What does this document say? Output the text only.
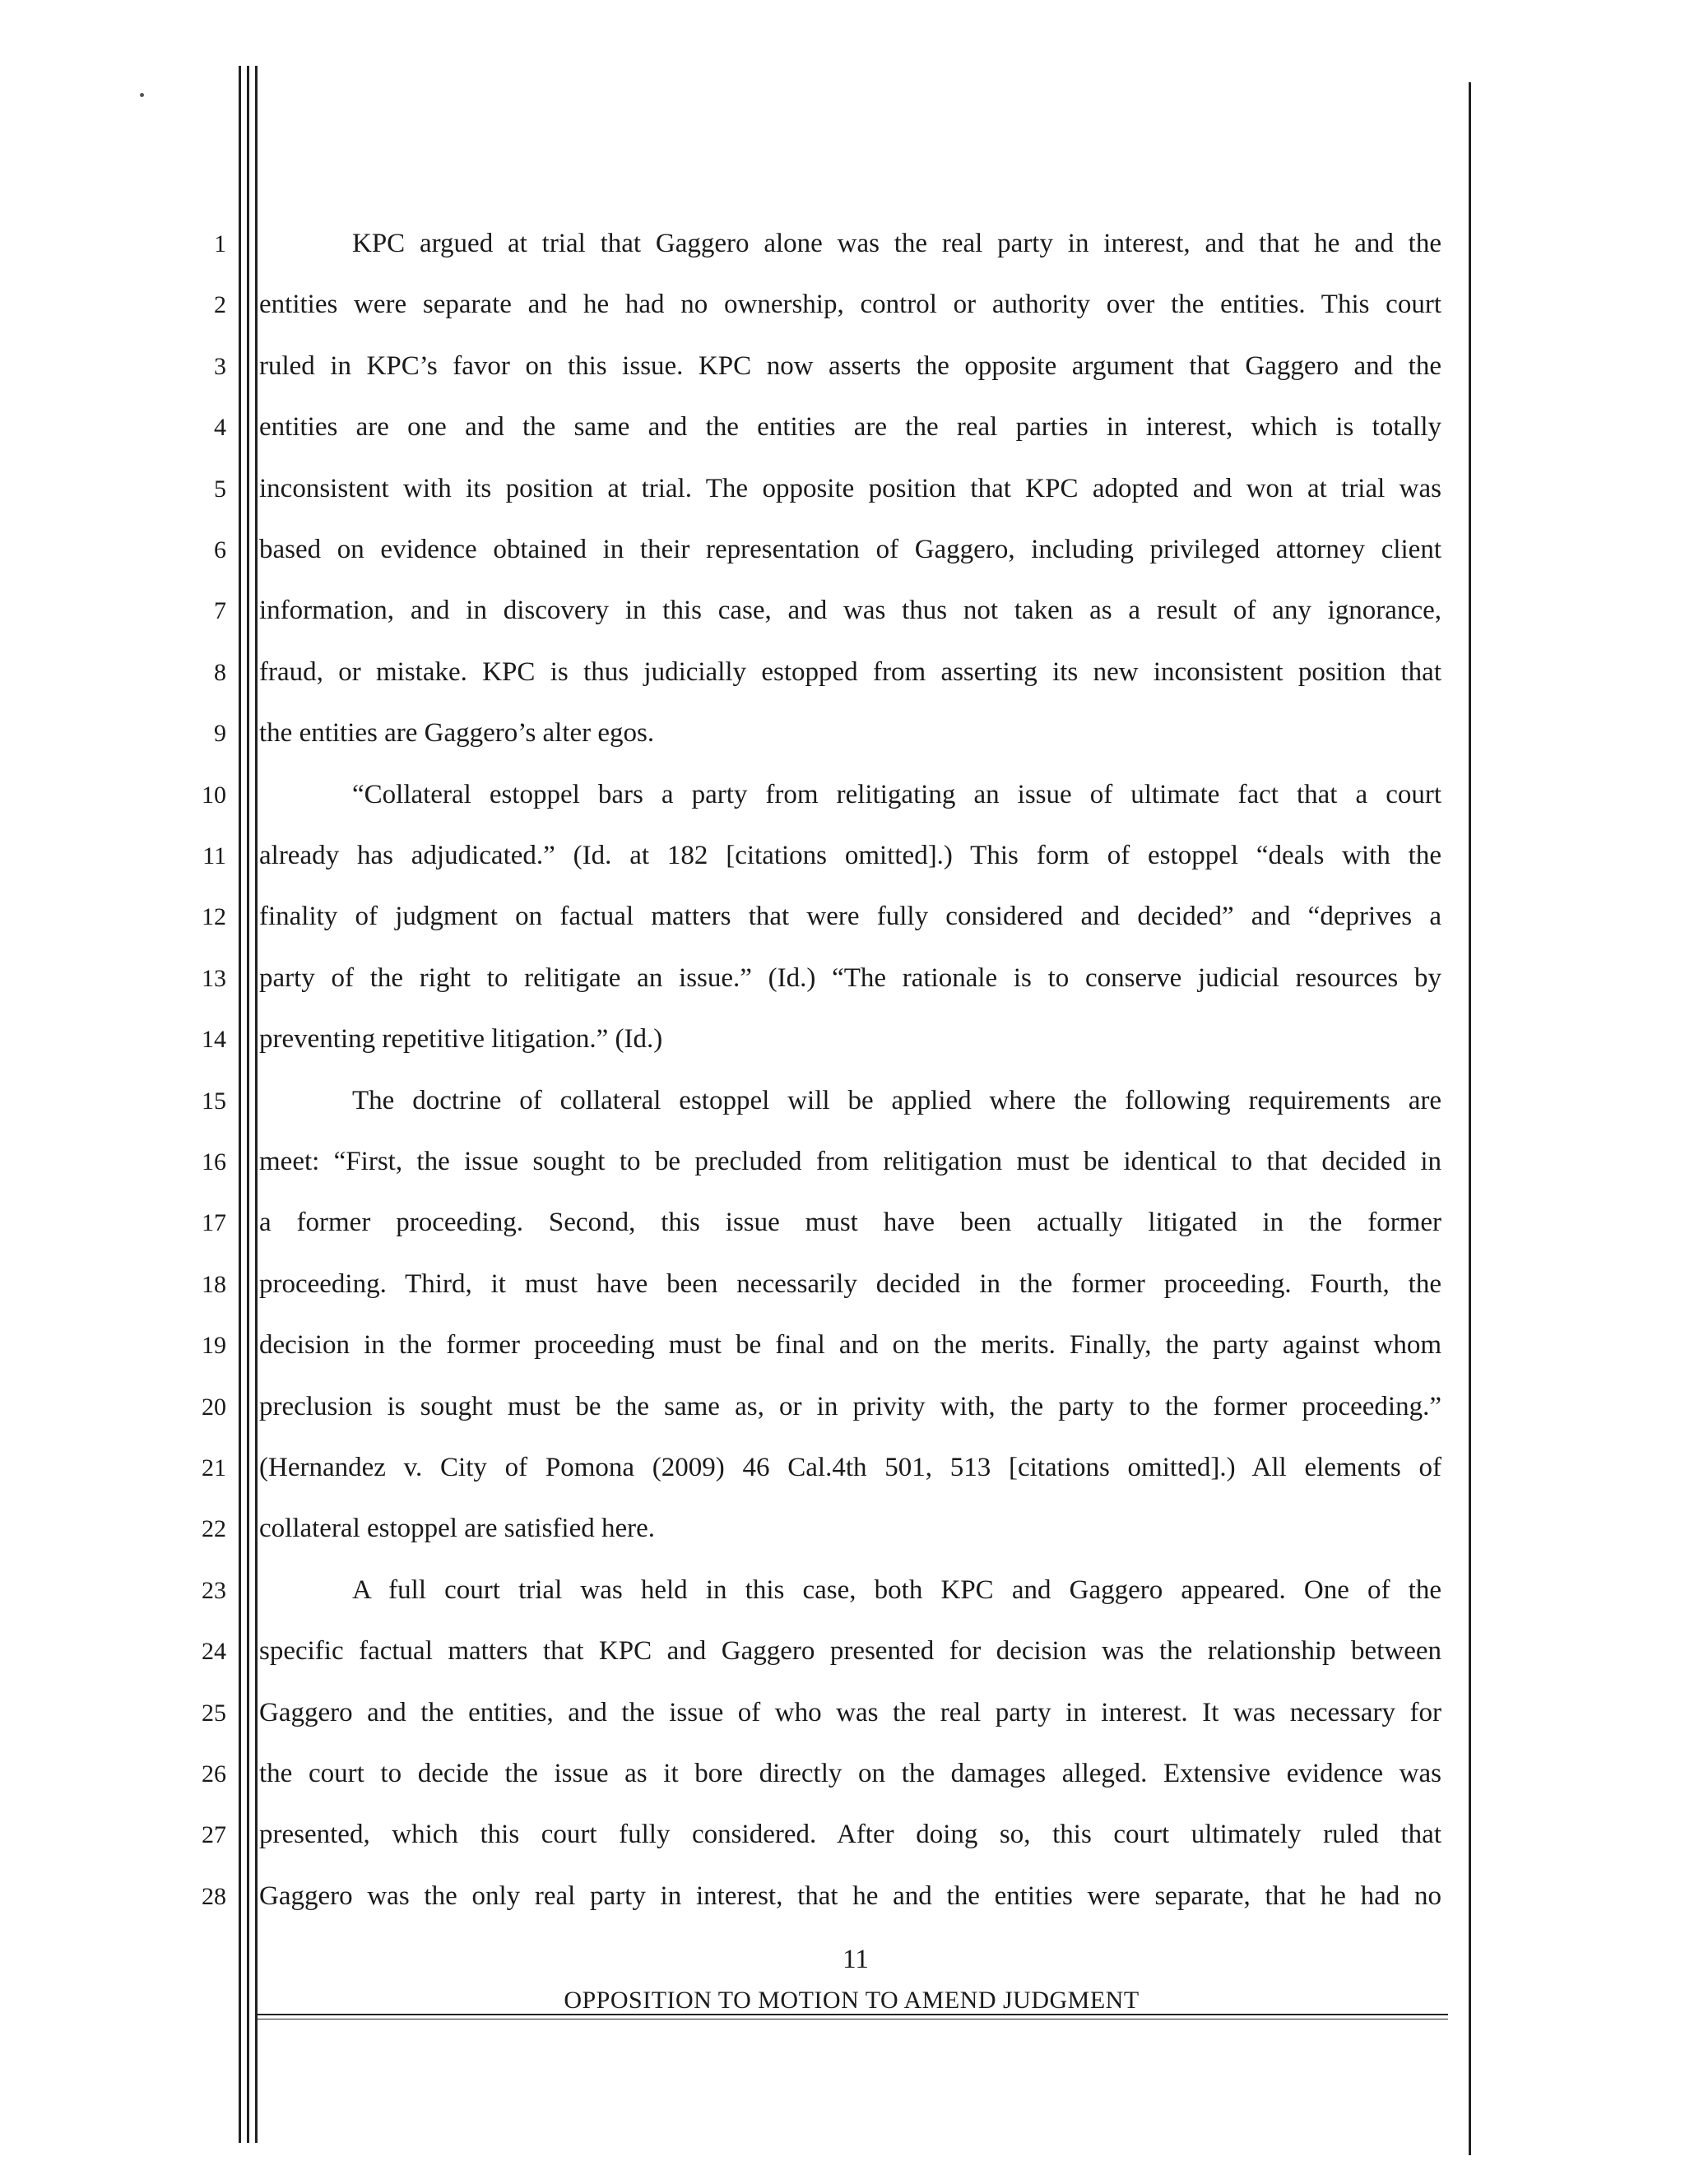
1	KPC argued at trial that Gaggero alone was the real party in interest, and that he and the
2 entities were separate and he had no ownership, control or authority over the entities. This court
3 ruled in KPC’s favor on this issue. KPC now asserts the opposite argument that Gaggero and the
4 entities are one and the same and the entities are the real parties in interest, which is totally
5 inconsistent with its position at trial. The opposite position that KPC adopted and won at trial was
6 based on evidence obtained in their representation of Gaggero, including privileged attorney client
7 information, and in discovery in this case, and was thus not taken as a result of any ignorance,
8 fraud, or mistake. KPC is thus judicially estopped from asserting its new inconsistent position that
9 the entities are Gaggero’s alter egos.
10	“Collateral estoppel bars a party from relitigating an issue of ultimate fact that a court
11 already has adjudicated.” (Id. at 182 [citations omitted].) This form of estoppel “deals with the
12 finality of judgment on factual matters that were fully considered and decided” and “deprives a
13 party of the right to relitigate an issue.” (Id.) “The rationale is to conserve judicial resources by
14 preventing repetitive litigation.” (Id.)
15	The doctrine of collateral estoppel will be applied where the following requirements are
16 meet: “First, the issue sought to be precluded from relitigation must be identical to that decided in
17 a former proceeding. Second, this issue must have been actually litigated in the former
18 proceeding. Third, it must have been necessarily decided in the former proceeding. Fourth, the
19 decision in the former proceeding must be final and on the merits. Finally, the party against whom
20 preclusion is sought must be the same as, or in privity with, the party to the former proceeding.”
21 (Hernandez v. City of Pomona (2009) 46 Cal.4th 501, 513 [citations omitted].) All elements of
22 collateral estoppel are satisfied here.
23	A full court trial was held in this case, both KPC and Gaggero appeared. One of the
24 specific factual matters that KPC and Gaggero presented for decision was the relationship between
25 Gaggero and the entities, and the issue of who was the real party in interest. It was necessary for
26 the court to decide the issue as it bore directly on the damages alleged. Extensive evidence was
27 presented, which this court fully considered. After doing so, this court ultimately ruled that
28 Gaggero was the only real party in interest, that he and the entities were separate, that he had no
11
OPPOSITION TO MOTION TO AMEND JUDGMENT
